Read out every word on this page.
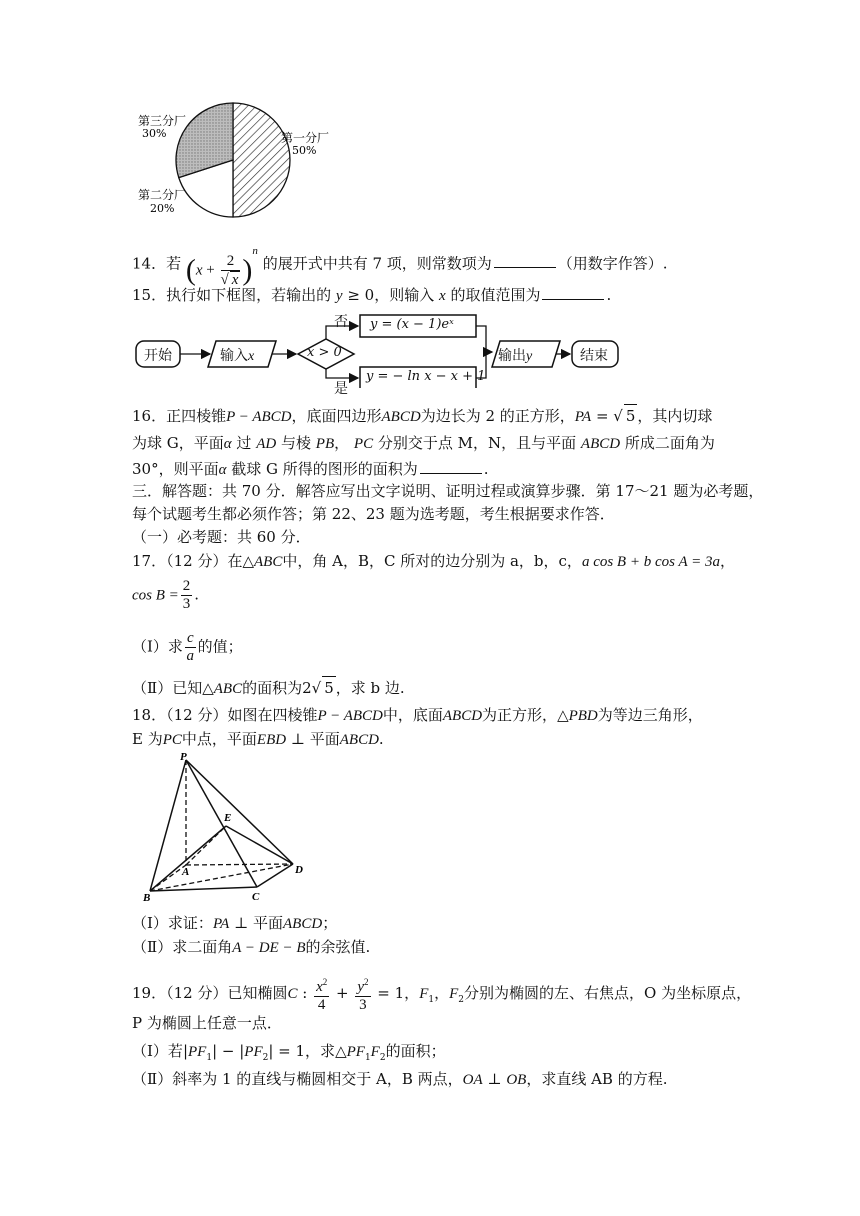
第三分厂
30%	第一分厂
50%
第二分厂
20%
14．若 $(x + \frac{2}{√ x} )^n$ 的展开式中共有 7 项，则常数项为	（用数字作答）.
15．执行如下框图，若输出的 y ≥ 0，则输入 x 的取值范围为	.
开始	输入x	x > 0
否
是
y = (x − 1)eˣ
y = − ln x − x + 1
输出y	结束
16．正四棱锥P − ABCD，底面四边形ABCD为边长为 2 的正方形，PA = √ 5 ，其内切球
为球 G，平面α 过 AD 与棱 PB， PC 分别交于点 M，N，且与平面 ABCD 所成二面角为
30°，则平面α 截球 G 所得的图形的面积为	.
三．解答题：共 70 分．解答应写出文字说明、证明过程或演算步骤．第 17～21 题为必考题，
每个试题考生都必须作答；第 22、23 题为选考题，考生根据要求作答．
（一）必考题：共 60 分．
17．（12 分）在△ABC中，角 A，B，C 所对的边分别为 a，b，c，a cos B + b cos A = 3a，
$\cos B = \frac{2}{3}$ .
（Ⅰ）求 $\frac{c}{a}$ 的值；
（Ⅱ）已知△ABC的面积为2√ 5 ，求 b 边.
18．（12 分）如图在四棱锥P − ABCD中，底面ABCD为正方形，△PBD为等边三角形，
E 为PC中点，平面EBD ⊥ 平面ABCD.
P
E
A
B	C
D
（Ⅰ）求证：PA ⊥ 平面ABCD；
（Ⅱ）求二面角A − DE − B的余弦值.
19．（12 分）已知椭圆C : $\frac{x^2}{4} + \frac{y^2}{3} = 1$，$F_1$，$F_2$分别为椭圆的左、右焦点，O 为坐标原点，
P 为椭圆上任意一点．
（Ⅰ）若$|PF_1| - |PF_2| = 1$，求$\triangle PF_1F_2$的面积；
（Ⅱ）斜率为 1 的直线与椭圆相交于 A，B 两点，OA ⊥ OB，求直线 AB 的方程.
